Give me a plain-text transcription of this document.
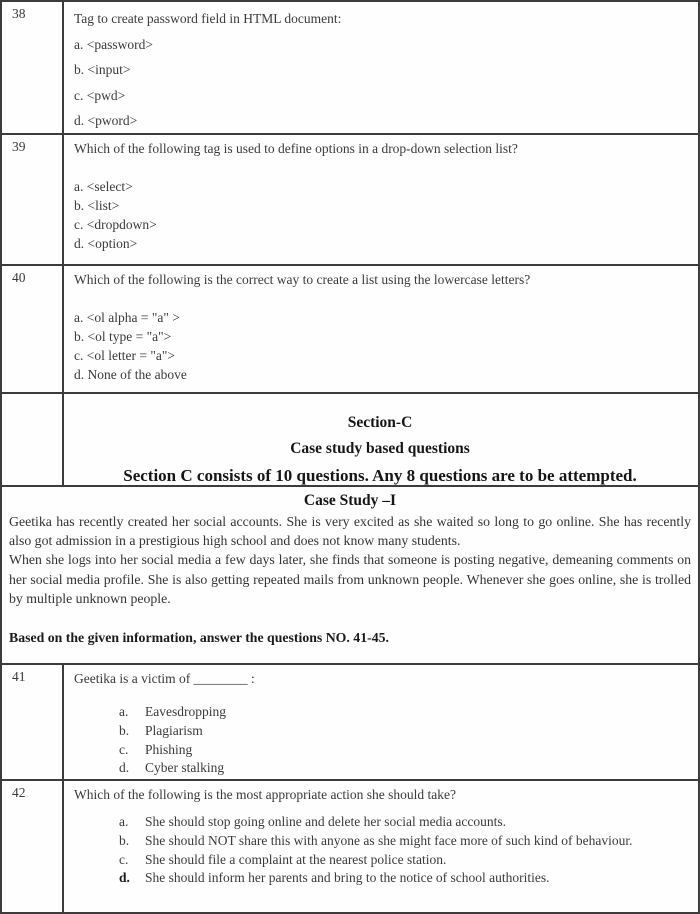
38	Tag to create password field in HTML document:
a. <password>
b. <input>
c. <pwd>
d. <pword>
39	Which of the following tag is used to define options in a drop-down selection list?
a. <select>
b. <list>
c. <dropdown>
d. <option>
40	Which of the following is the correct way to create a list using the lowercase letters?
a. <ol alpha = "a" >
b. <ol type = "a">
c. <ol letter = "a">
d. None of the above
Section-C
Case study based questions
Section C consists of 10 questions. Any 8 questions are to be attempted.
Case Study –I
Geetika has recently created her social accounts. She is very excited as she waited so long to go online. She has recently also got admission in a prestigious high school and does not know many students.
When she logs into her social media a few days later, she finds that someone is posting negative, demeaning comments on her social media profile. She is also getting repeated mails from unknown people. Whenever she goes online, she is trolled by multiple unknown people.
Based on the given information, answer the questions NO. 41-45.
41	Geetika is a victim of ________ :
a.	Eavesdropping
b.	Plagiarism
c.	Phishing
d.	Cyber stalking
42	Which of the following is the most appropriate action she should take?
a.	She should stop going online and delete her social media accounts.
b.	She should NOT share this with anyone as she might face more of such kind of behaviour.
c.	She should file a complaint at the nearest police station.
d.	She should inform her parents and bring to the notice of school authorities.
